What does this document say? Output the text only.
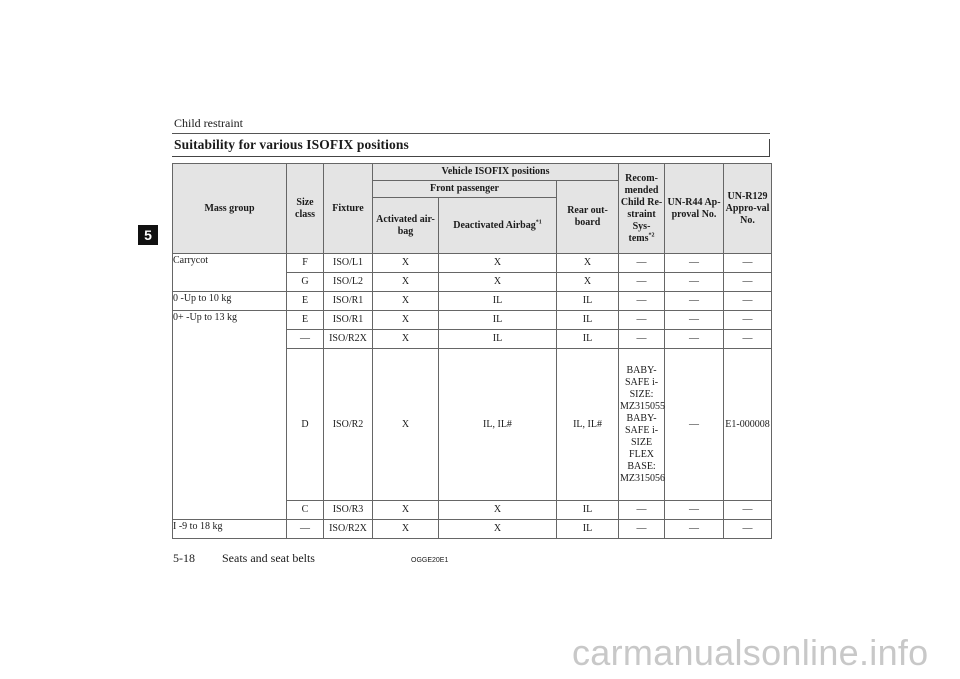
Child restraint
Suitability for various ISOFIX positions
5
Mass group	Size class	Fixture	Vehicle ISOFIX positions			Recom-mended Child Re-straint Sys-tems$^{*2}$	UN-R44 Ap-proval No.	UN-R129 Appro-val No.
			Front passenger		Rear out-board			
			Activated air-bag	Deactivated Airbag$^{*1}$
Carrycot	F	ISO/L1	X	X	X	—	—	—
	G	ISO/L2	X	X	X	—	—	—
0 -Up to 10 kg	E	ISO/R1	X	IL	IL	—	—	—
0+ -Up to 13 kg	E	ISO/R1	X	IL	IL	—	—	—
	—	ISO/R2X	X	IL	IL	—	—	—
	D	ISO/R2	X	IL, IL#	IL, IL#	BABY-SAFE i-SIZE: MZ315055 BABY-SAFE i-SIZE FLEX BASE: MZ315056	—	E1-000008
	C	ISO/R3	X	X	IL	—	—	—
I -9 to 18 kg	—	ISO/R2X	X	X	IL	—	—	—
5-18 Seats and seat belts	OGGE20E1
carmanualsonline.info
